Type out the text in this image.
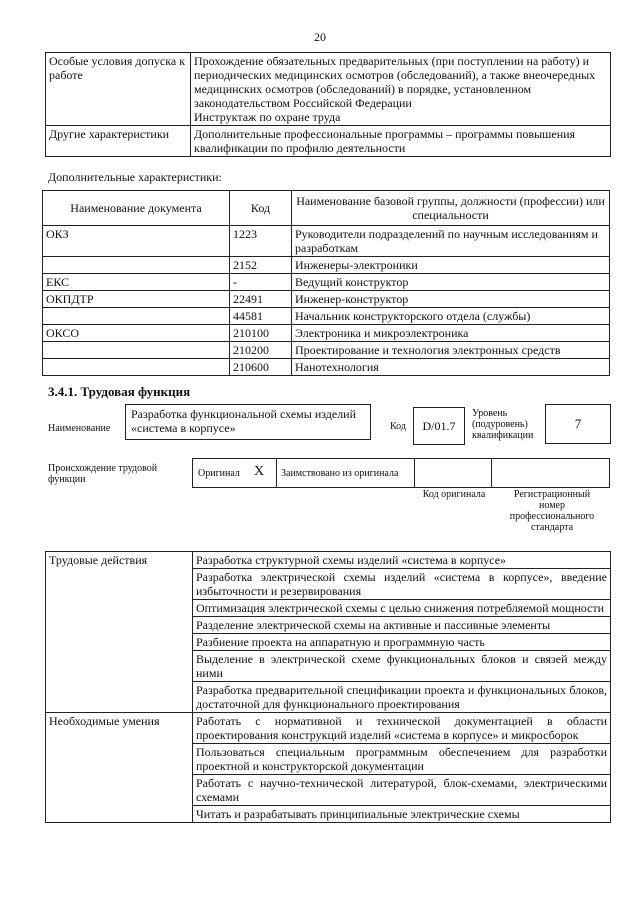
20
Особые условия допуска к работе	Прохождение обязательных предварительных (при поступлении на работу) и периодических медицинских осмотров (обследований), а также внеочередных медицинских осмотров (обследований) в порядке, установленном законодательством Российской Федерации
Инструктаж по охране труда

Другие характеристики	Дополнительные профессиональные программы – программы повышения квалификации по профилю деятельности
Дополнительные характеристики:
Наименование документа	Код	Наименование базовой группы, должности (профессии) или специальности
ОКЗ	1223	Руководители подразделений по научным исследованиям и разработкам
	2152	Инженеры-электроники
ЕКС	-	Ведущий конструктор
ОКПДТР	22491	Инженер-конструктор
	44581	Начальник конструкторского отдела (службы)
ОКСО	210100	Электроника и микроэлектроника
	210200	Проектирование и технология электронных средств
	210600	Нанотехнология
3.4.1. Трудовая функция
Наименование
Разработка функциональной схемы изделий «система в корпусе»	Код	D/01.7
Уровень (подуровень) квалификации
7
Происхождение трудовой функции
Оригинал X Заимствовано из оригинала
Код оригинала	Регистрационный номер профессионального стандарта
Трудовые действия	Разработка структурной схемы изделий «система в корпусе»
	Разработка электрической схемы изделий «система в корпусе», введение избыточности и резервирования
	Оптимизация электрической схемы с целью снижения потребляемой мощности
	Разделение электрической схемы на активные и пассивные элементы
	Разбиение проекта на аппаратную и программную часть
	Выделение в электрической схеме функциональных блоков и связей между ними
	Разработка предварительной спецификации проекта и функциональных блоков, достаточной для функционального проектирования
Необходимые умения	Работать с нормативной и технической документацией в области проектирования конструкций изделий «система в корпусе» и микросборок
	Пользоваться специальным программным обеспечением для разработки проектной и конструкторской документации
	Работать с научно-технической литературой, блок-схемами, электрическими схемами
	Читать и разрабатывать принципиальные электрические схемы
